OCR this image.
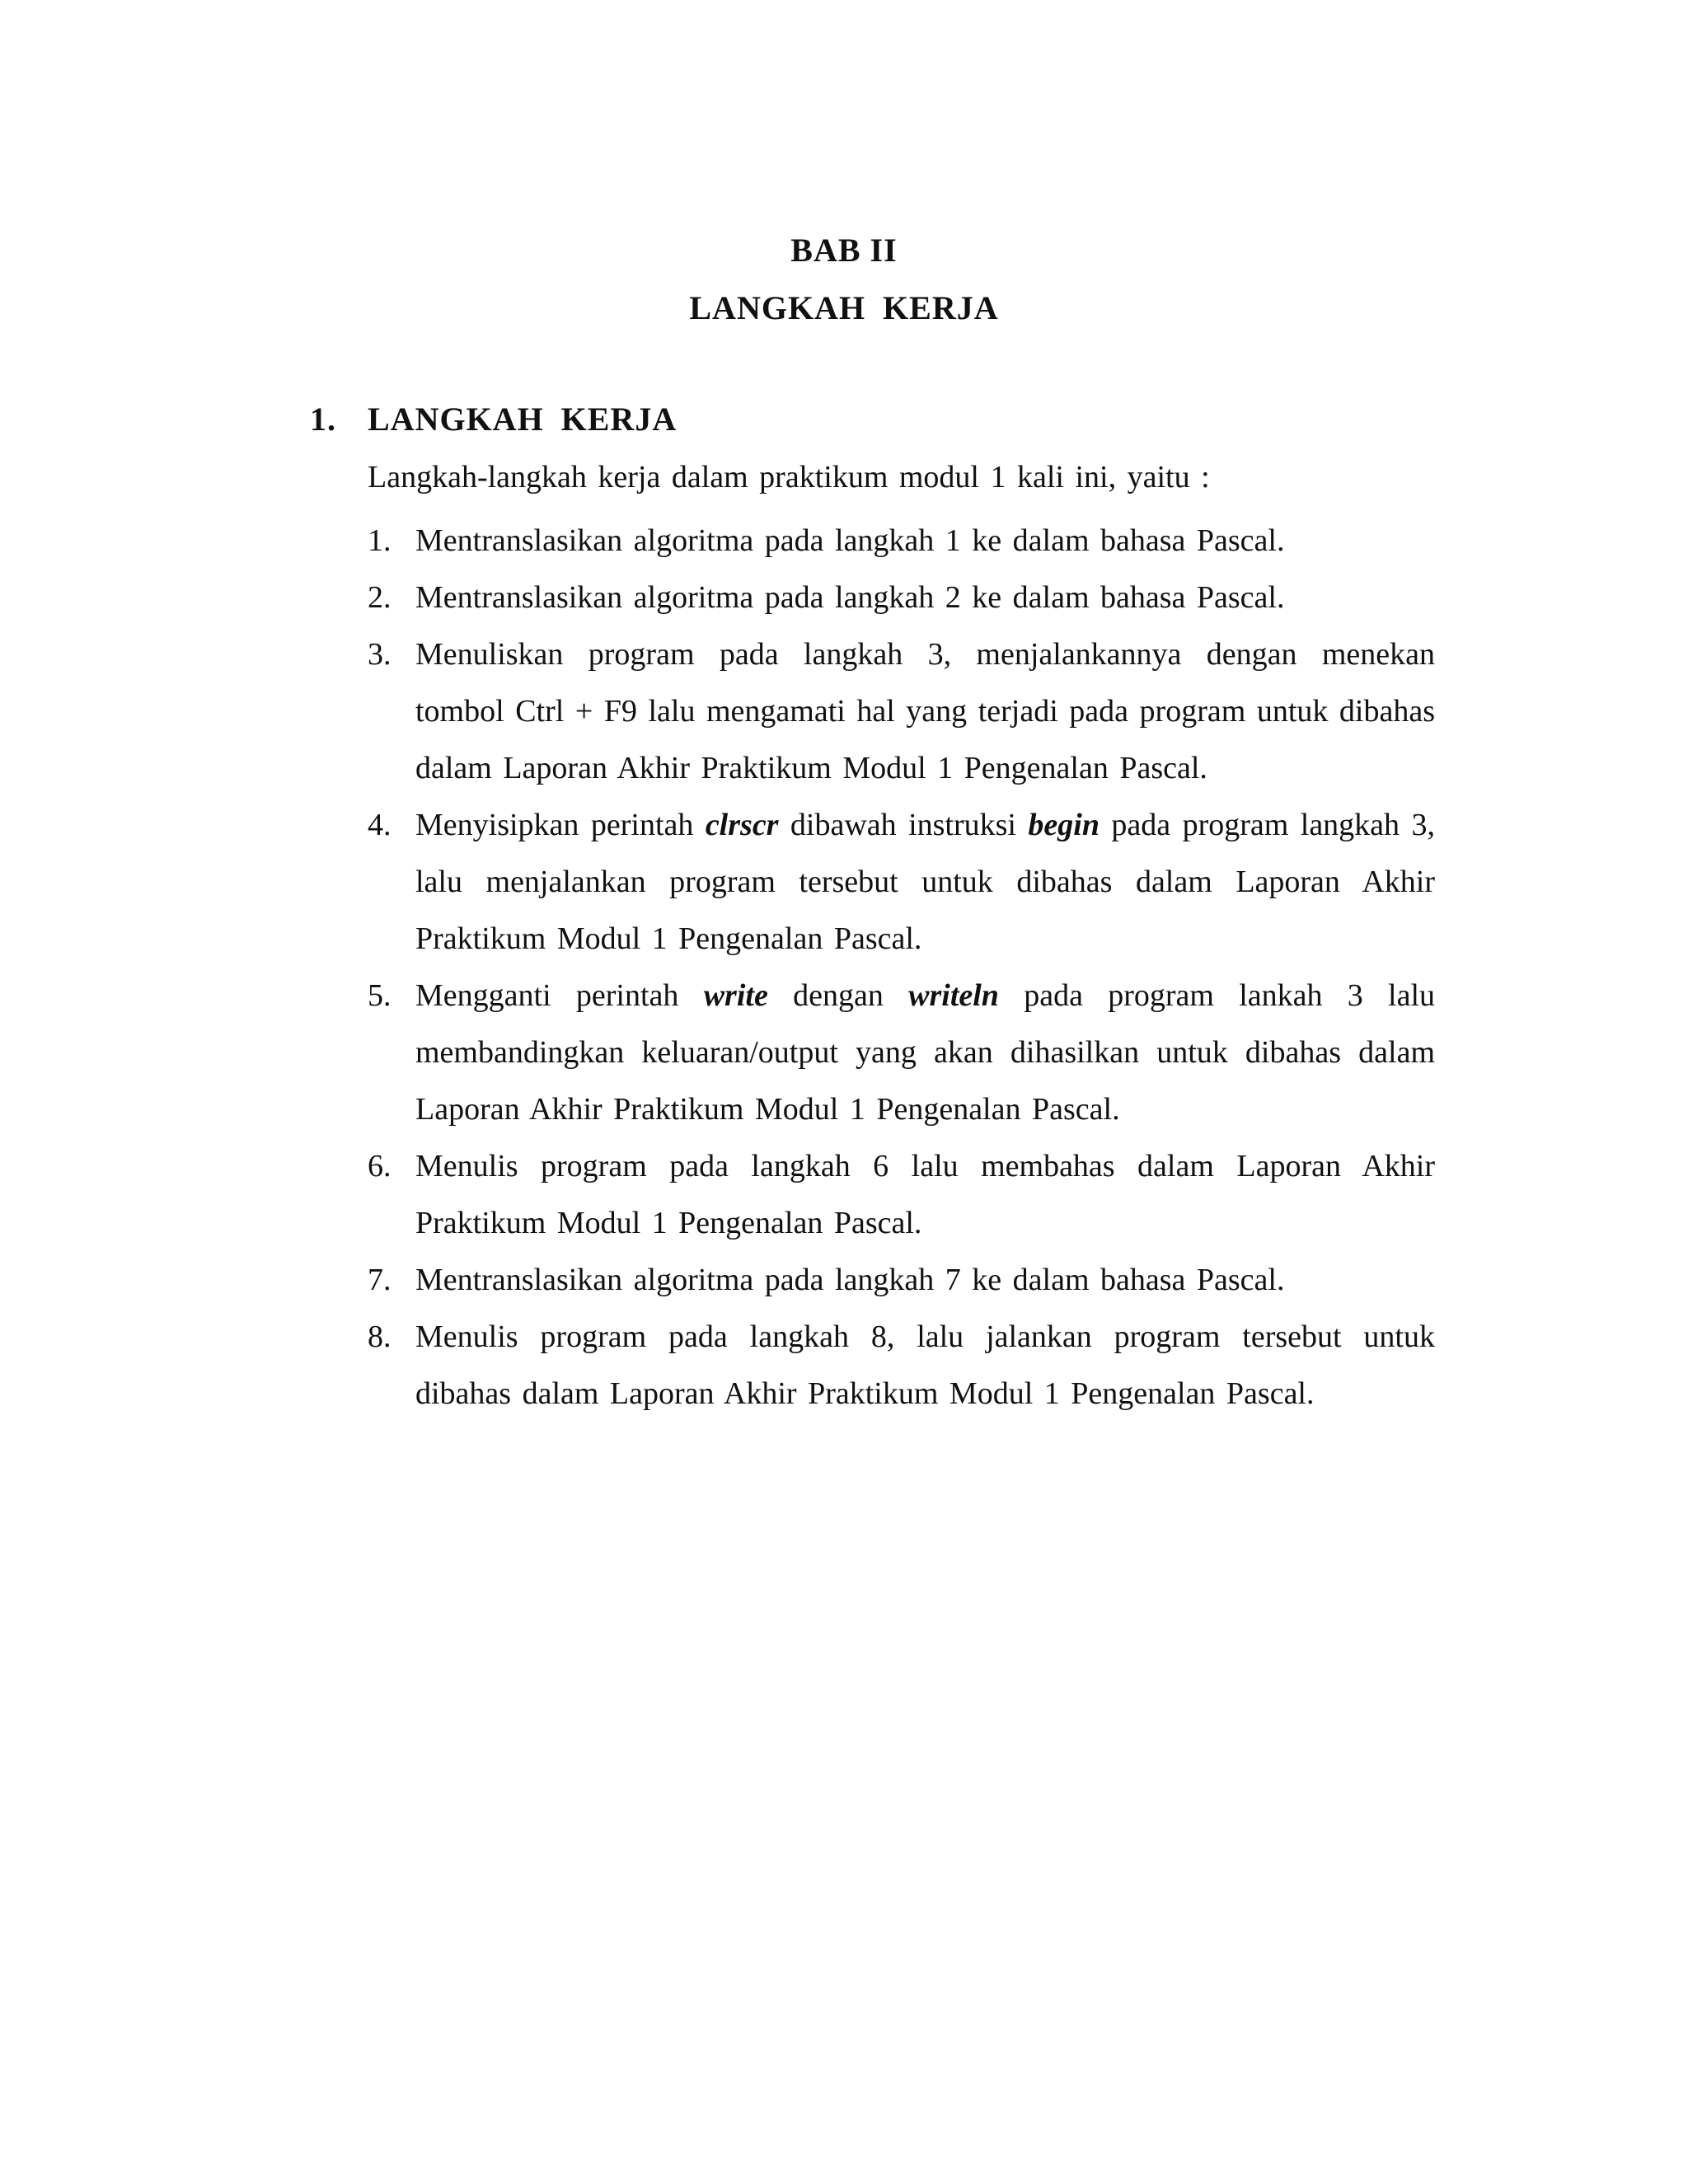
BAB II
LANGKAH KERJA
1. LANGKAH KERJA
Langkah-langkah kerja dalam praktikum modul 1 kali ini, yaitu :
1. Mentranslasikan algoritma pada langkah 1 ke dalam bahasa Pascal.
2. Mentranslasikan algoritma pada langkah 2 ke dalam bahasa Pascal.
3. Menuliskan program pada langkah 3, menjalankannya dengan menekan tombol Ctrl + F9 lalu mengamati hal yang terjadi pada program untuk dibahas dalam Laporan Akhir Praktikum Modul 1 Pengenalan Pascal.
4. Menyisipkan perintah clrscr dibawah instruksi begin pada program langkah 3, lalu menjalankan program tersebut untuk dibahas dalam Laporan Akhir Praktikum Modul 1 Pengenalan Pascal.
5. Mengganti perintah write dengan writeln pada program lankah 3 lalu membandingkan keluaran/output yang akan dihasilkan untuk dibahas dalam Laporan Akhir Praktikum Modul 1 Pengenalan Pascal.
6. Menulis program pada langkah 6 lalu membahas dalam Laporan Akhir Praktikum Modul 1 Pengenalan Pascal.
7. Mentranslasikan algoritma pada langkah 7 ke dalam bahasa Pascal.
8. Menulis program pada langkah 8, lalu jalankan program tersebut untuk dibahas dalam Laporan Akhir Praktikum Modul 1 Pengenalan Pascal.
